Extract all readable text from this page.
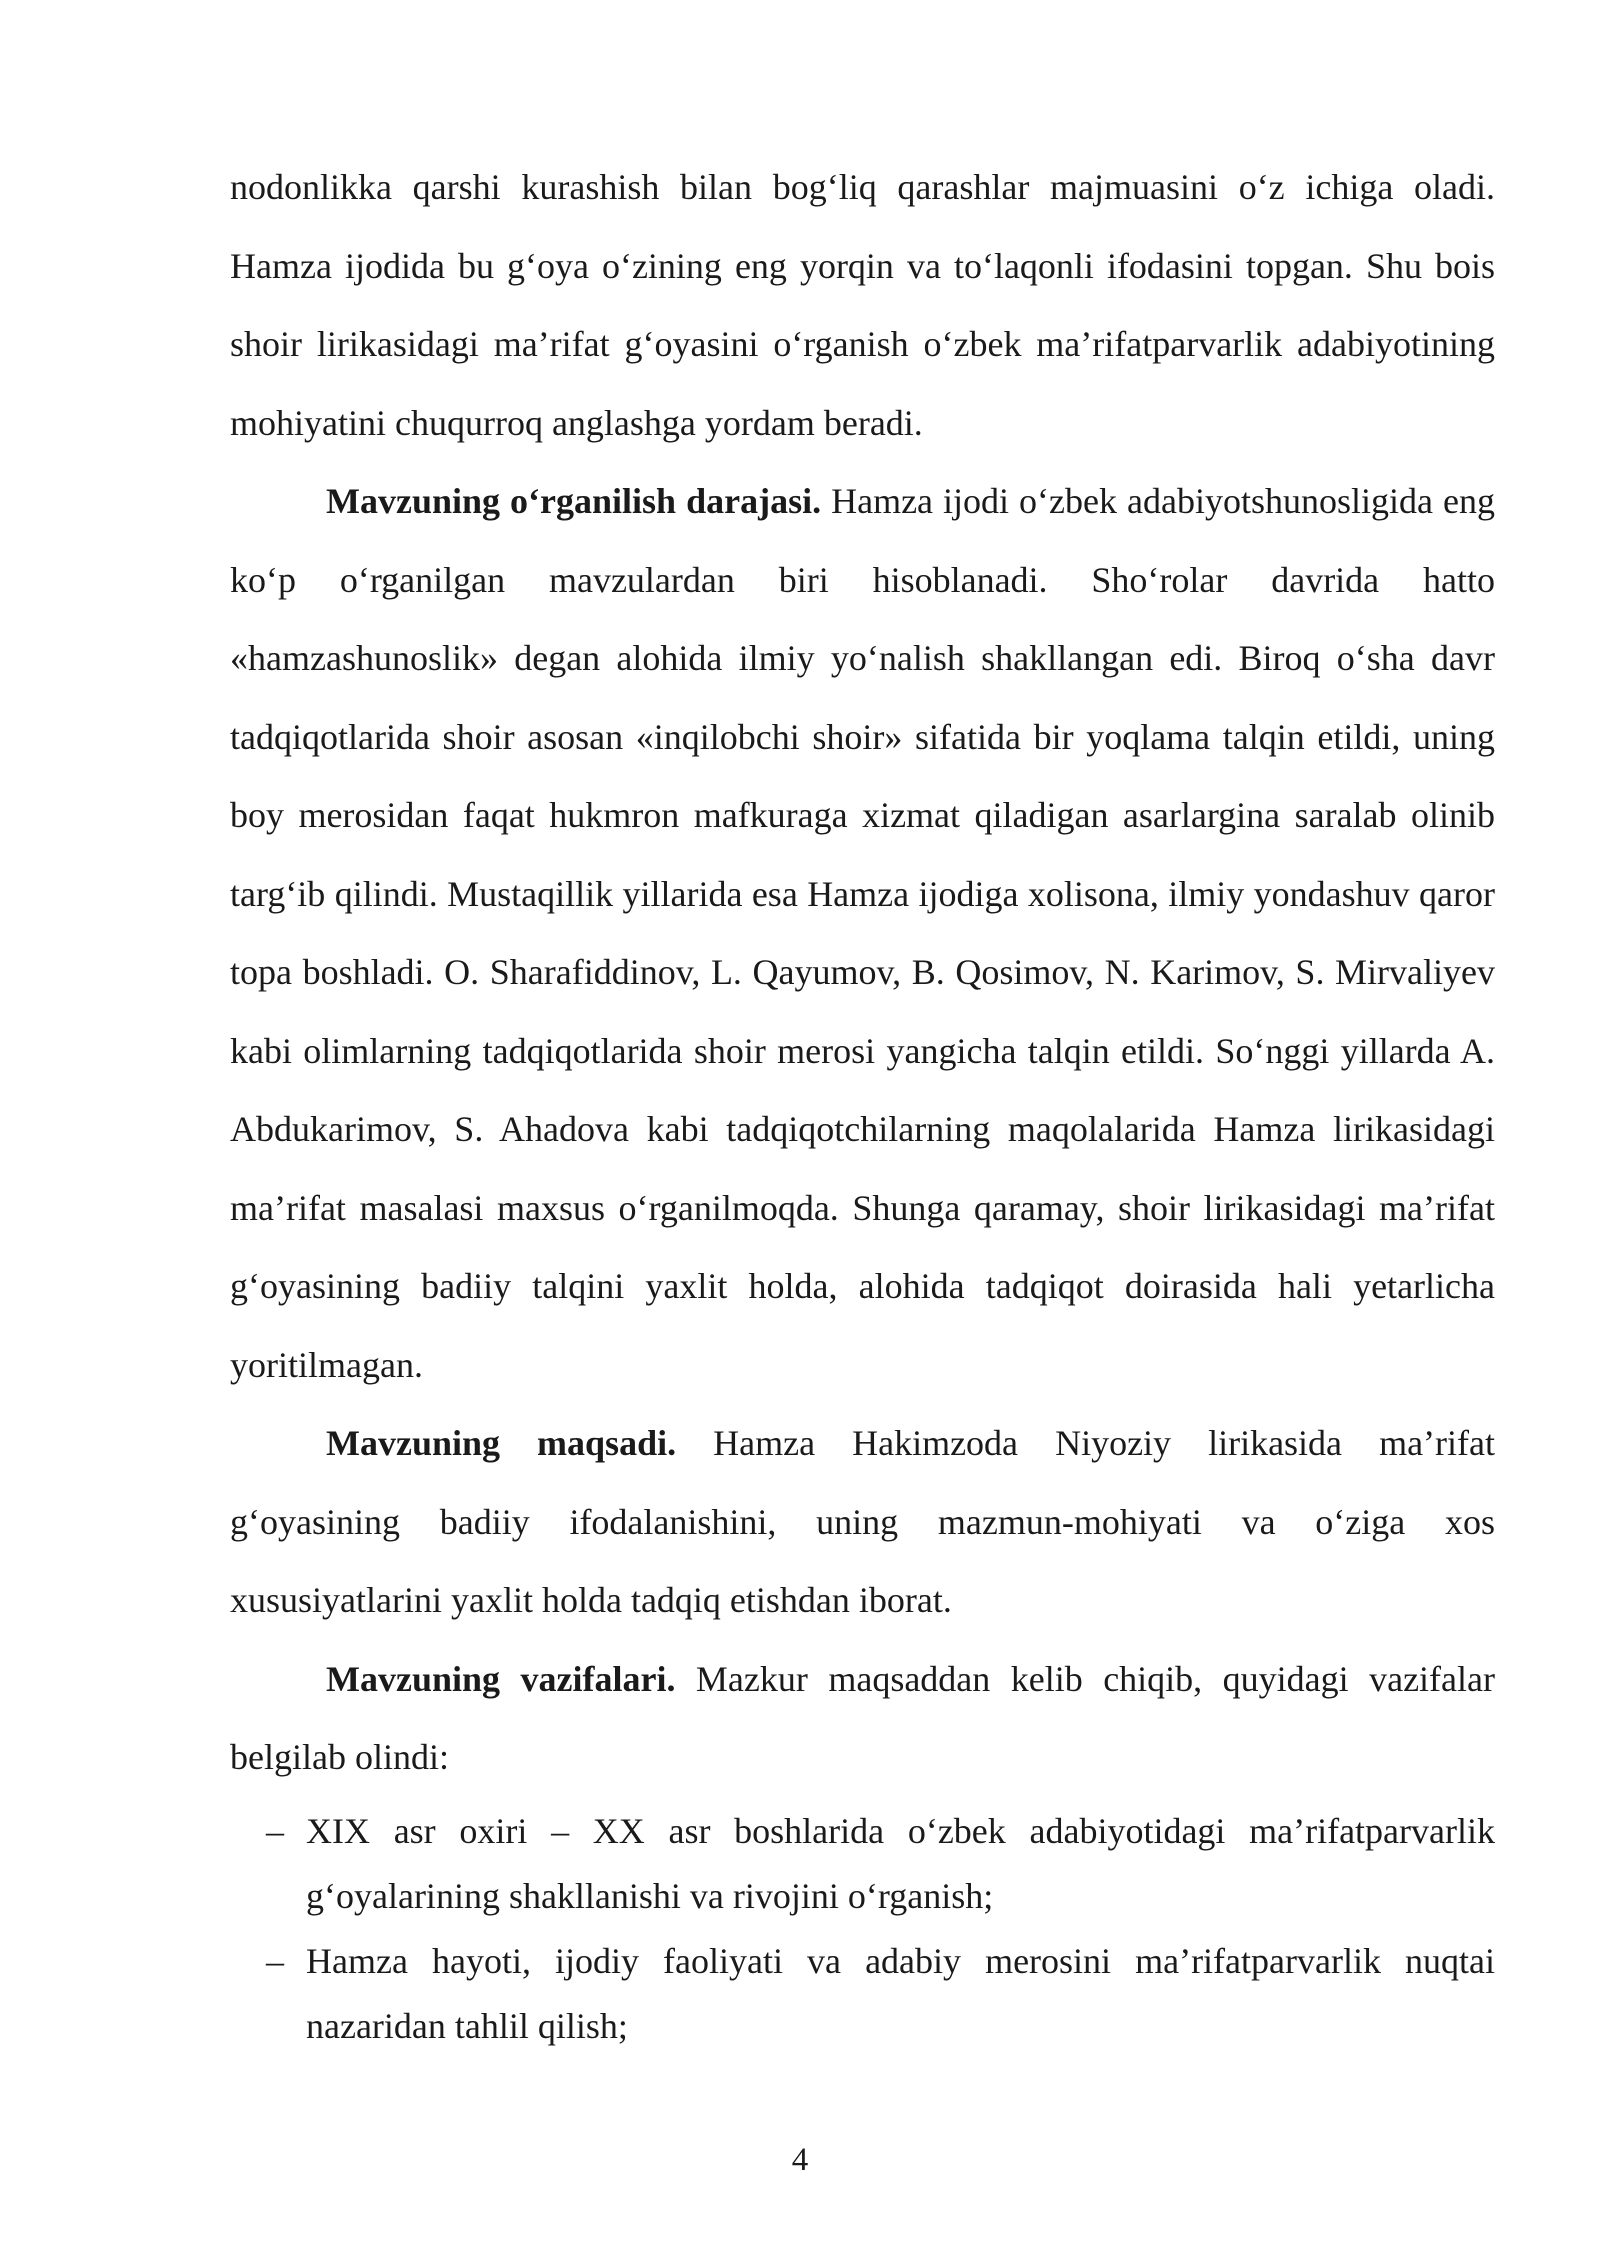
nodonlikka qarshi kurashish bilan bog‘liq qarashlar majmuasini o‘z ichiga oladi. Hamza ijodida bu g‘oya o‘zining eng yorqin va to‘laqonli ifodasini topgan. Shu bois shoir lirikasidagi ma’rifat g‘oyasini o‘rganish o‘zbek ma’rifatparvarlik adabiyotining mohiyatini chuqurroq anglashga yordam beradi.

Mavzuning o‘rganilish darajasi. Hamza ijodi o‘zbek adabiyotshunosligida eng ko‘p o‘rganilgan mavzulardan biri hisoblanadi. Sho‘rolar davrida hatto «hamzashunoslik» degan alohida ilmiy yo‘nalish shakllangan edi. Biroq o‘sha davr tadqiqotlarida shoir asosan «inqilobchi shoir» sifatida bir yoqlama talqin etildi, uning boy merosidan faqat hukmron mafkuraga xizmat qiladigan asarlargina saralab olinib targ‘ib qilindi. Mustaqillik yillarida esa Hamza ijodiga xolisona, ilmiy yondashuv qaror topa boshladi. O. Sharafiddinov, L. Qayumov, B. Qosimov, N. Karimov, S. Mirvaliyev kabi olimlarning tadqiqotlarida shoir merosi yangicha talqin etildi. So‘nggi yillarda A. Abdukarimov, S. Ahadova kabi tadqiqotchilarning maqolalarida Hamza lirikasidagi ma’rifat masalasi maxsus o‘rganilmoqda. Shunga qaramay, shoir lirikasidagi ma’rifat g‘oyasining badiiy talqini yaxlit holda, alohida tadqiqot doirasida hali yetarlicha yoritilmagan.

Mavzuning maqsadi. Hamza Hakimzoda Niyoziy lirikasida ma’rifat g‘oyasining badiiy ifodalanishini, uning mazmun-mohiyati va o‘ziga xos xususiyatlarini yaxlit holda tadqiq etishdan iborat.

Mavzuning vazifalari. Mazkur maqsaddan kelib chiqib, quyidagi vazifalar belgilab olindi:

– XIX asr oxiri – XX asr boshlarida o‘zbek adabiyotidagi ma’rifatparvarlik g‘oyalarining shakllanishi va rivojini o‘rganish;
– Hamza hayoti, ijodiy faoliyati va adabiy merosini ma’rifatparvarlik nuqtai nazaridan tahlil qilish;
4
